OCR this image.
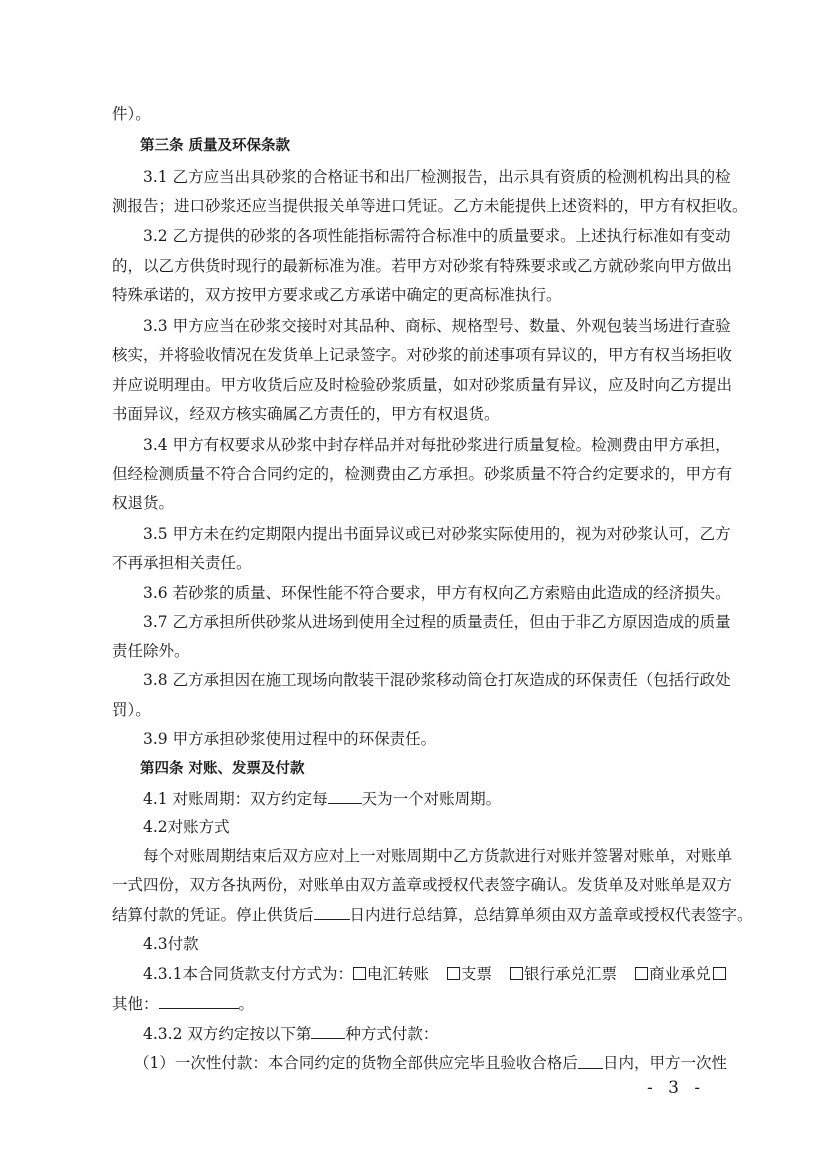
件）。
第三条 质量及环保条款
3.1 乙方应当出具砂浆的合格证书和出厂检测报告，出示具有资质的检测机构出具的检
测报告；进口砂浆还应当提供报关单等进口凭证。乙方未能提供上述资料的，甲方有权拒收。
3.2 乙方提供的砂浆的各项性能指标需符合标准中的质量要求。上述执行标准如有变动
的，以乙方供货时现行的最新标准为准。若甲方对砂浆有特殊要求或乙方就砂浆向甲方做出
特殊承诺的，双方按甲方要求或乙方承诺中确定的更高标准执行。
3.3 甲方应当在砂浆交接时对其品种、商标、规格型号、数量、外观包装当场进行查验
核实，并将验收情况在发货单上记录签字。对砂浆的前述事项有异议的，甲方有权当场拒收
并应说明理由。甲方收货后应及时检验砂浆质量，如对砂浆质量有异议，应及时向乙方提出
书面异议，经双方核实确属乙方责任的，甲方有权退货。
3.4 甲方有权要求从砂浆中封存样品并对每批砂浆进行质量复检。检测费由甲方承担，
但经检测质量不符合合同约定的，检测费由乙方承担。砂浆质量不符合约定要求的，甲方有
权退货。
3.5 甲方未在约定期限内提出书面异议或已对砂浆实际使用的，视为对砂浆认可，乙方
不再承担相关责任。
3.6 若砂浆的质量、环保性能不符合要求，甲方有权向乙方索赔由此造成的经济损失。
3.7 乙方承担所供砂浆从进场到使用全过程的质量责任，但由于非乙方原因造成的质量
责任除外。
3.8 乙方承担因在施工现场向散装干混砂浆移动筒仓打灰造成的环保责任（包括行政处
罚）。
3.9 甲方承担砂浆使用过程中的环保责任。
第四条 对账、发票及付款
4.1 对账周期：双方约定每 天为一个对账周期。
4.2对账方式
每个对账周期结束后双方应对上一对账周期中乙方货款进行对账并签署对账单，对账单
一式四份，双方各执两份，对账单由双方盖章或授权代表签字确认。发货单及对账单是双方
结算付款的凭证。停止供货后 日内进行总结算，总结算单须由双方盖章或授权代表签字。
4.3付款
4.3.1本合同货款支付方式为： 电汇转账	支票	银行承兑汇票	商业承兑
其他：	。
4.3.2 双方约定按以下第 种方式付款：
（1）一次性付款：本合同约定的货物全部供应完毕且验收合格后 日内，甲方一次性
- 3 -
